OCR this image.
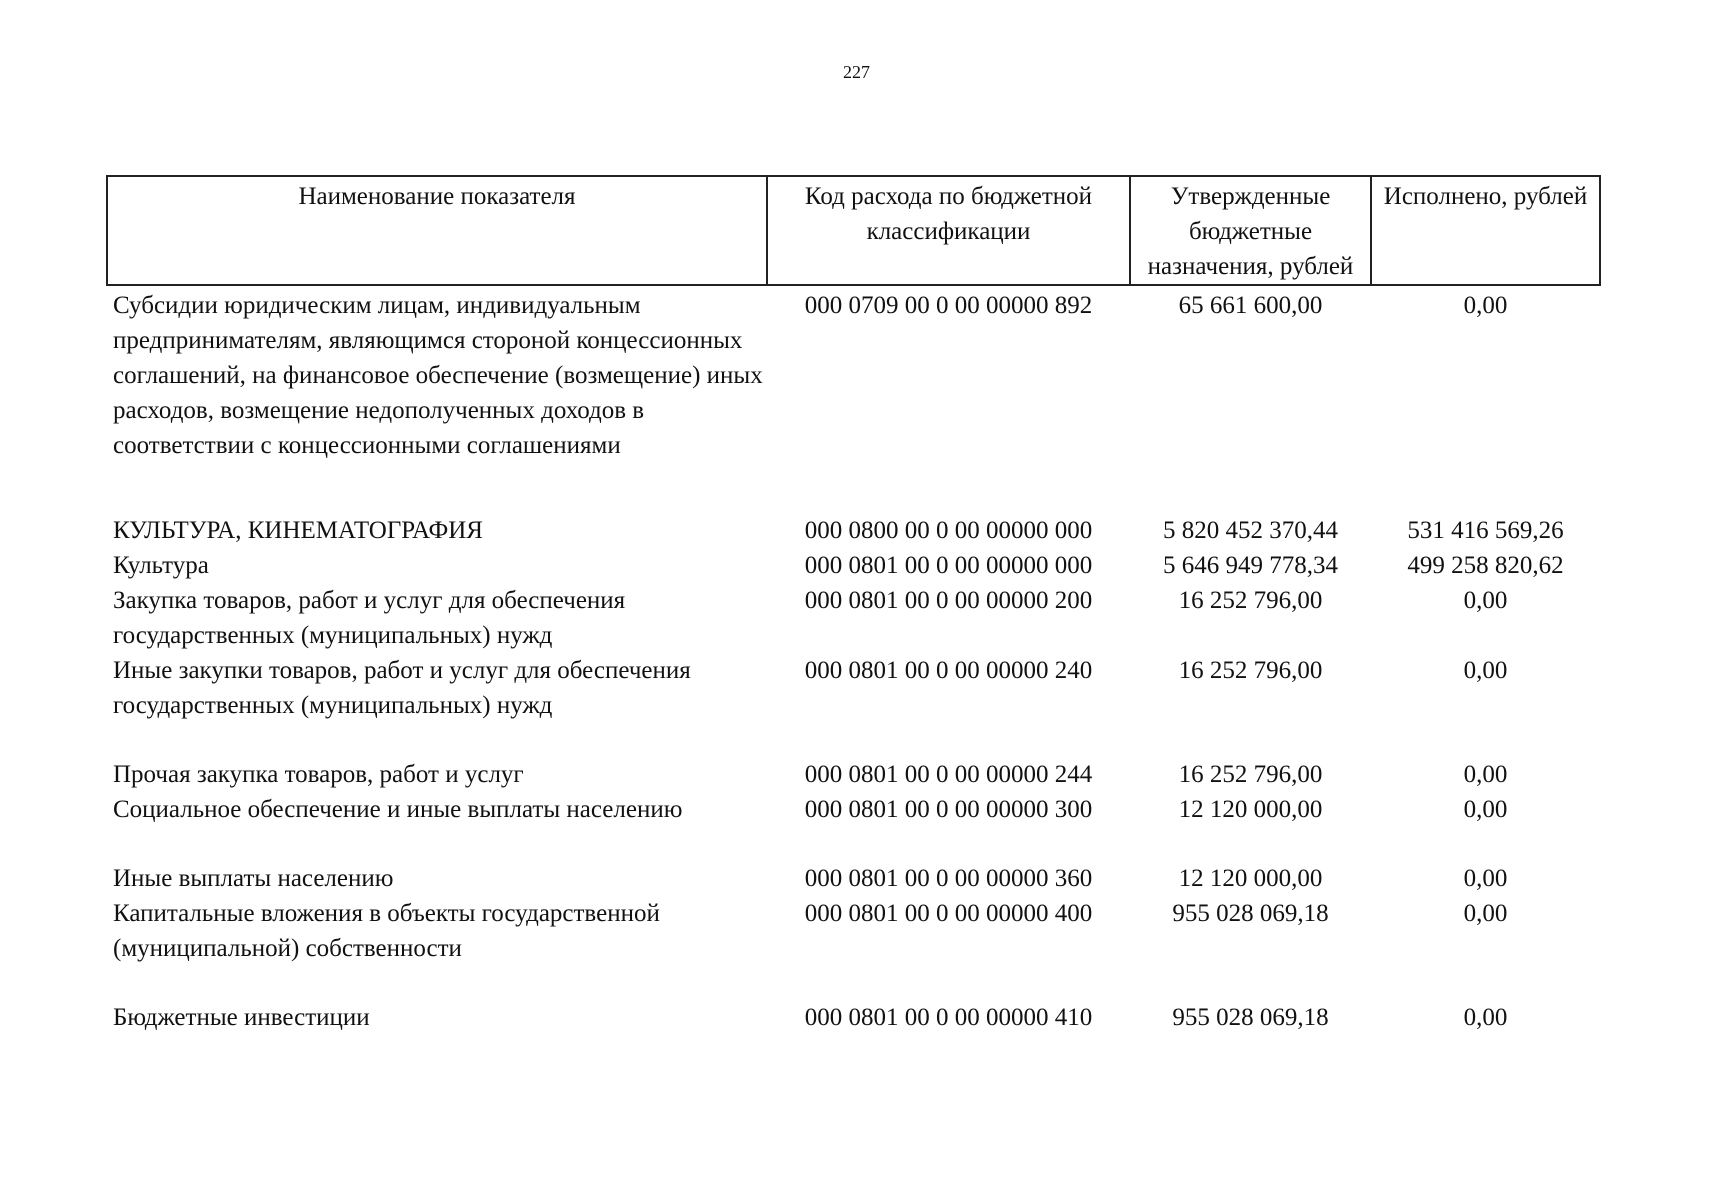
227
Наименование показателя	Код расхода по бюджетной классификации	Утвержденные бюджетные назначения, рублей	Исполнено, рублей
Субсидии юридическим лицам, индивидуальным предпринимателям, являющимся стороной концессионных соглашений, на финансовое обеспечение (возмещение) иных расходов, возмещение недополученных доходов в соответствии с концессионными соглашениями	000 0709 00 0 00 00000 892	65 661 600,00	0,00
КУЛЬТУРА, КИНЕМАТОГРАФИЯ	000 0800 00 0 00 00000 000	5 820 452 370,44	531 416 569,26
Культура	000 0801 00 0 00 00000 000	5 646 949 778,34	499 258 820,62
Закупка товаров, работ и услуг для обеспечения государственных (муниципальных) нужд	000 0801 00 0 00 00000 200	16 252 796,00	0,00
Иные закупки товаров, работ и услуг для обеспечения государственных (муниципальных) нужд	000 0801 00 0 00 00000 240	16 252 796,00	0,00
Прочая закупка товаров, работ и услуг	000 0801 00 0 00 00000 244	16 252 796,00	0,00
Социальное обеспечение и иные выплаты населению	000 0801 00 0 00 00000 300	12 120 000,00	0,00
Иные выплаты населению	000 0801 00 0 00 00000 360	12 120 000,00	0,00
Капитальные вложения в объекты государственной (муниципальной) собственности	000 0801 00 0 00 00000 400	955 028 069,18	0,00
Бюджетные инвестиции	000 0801 00 0 00 00000 410	955 028 069,18	0,00
